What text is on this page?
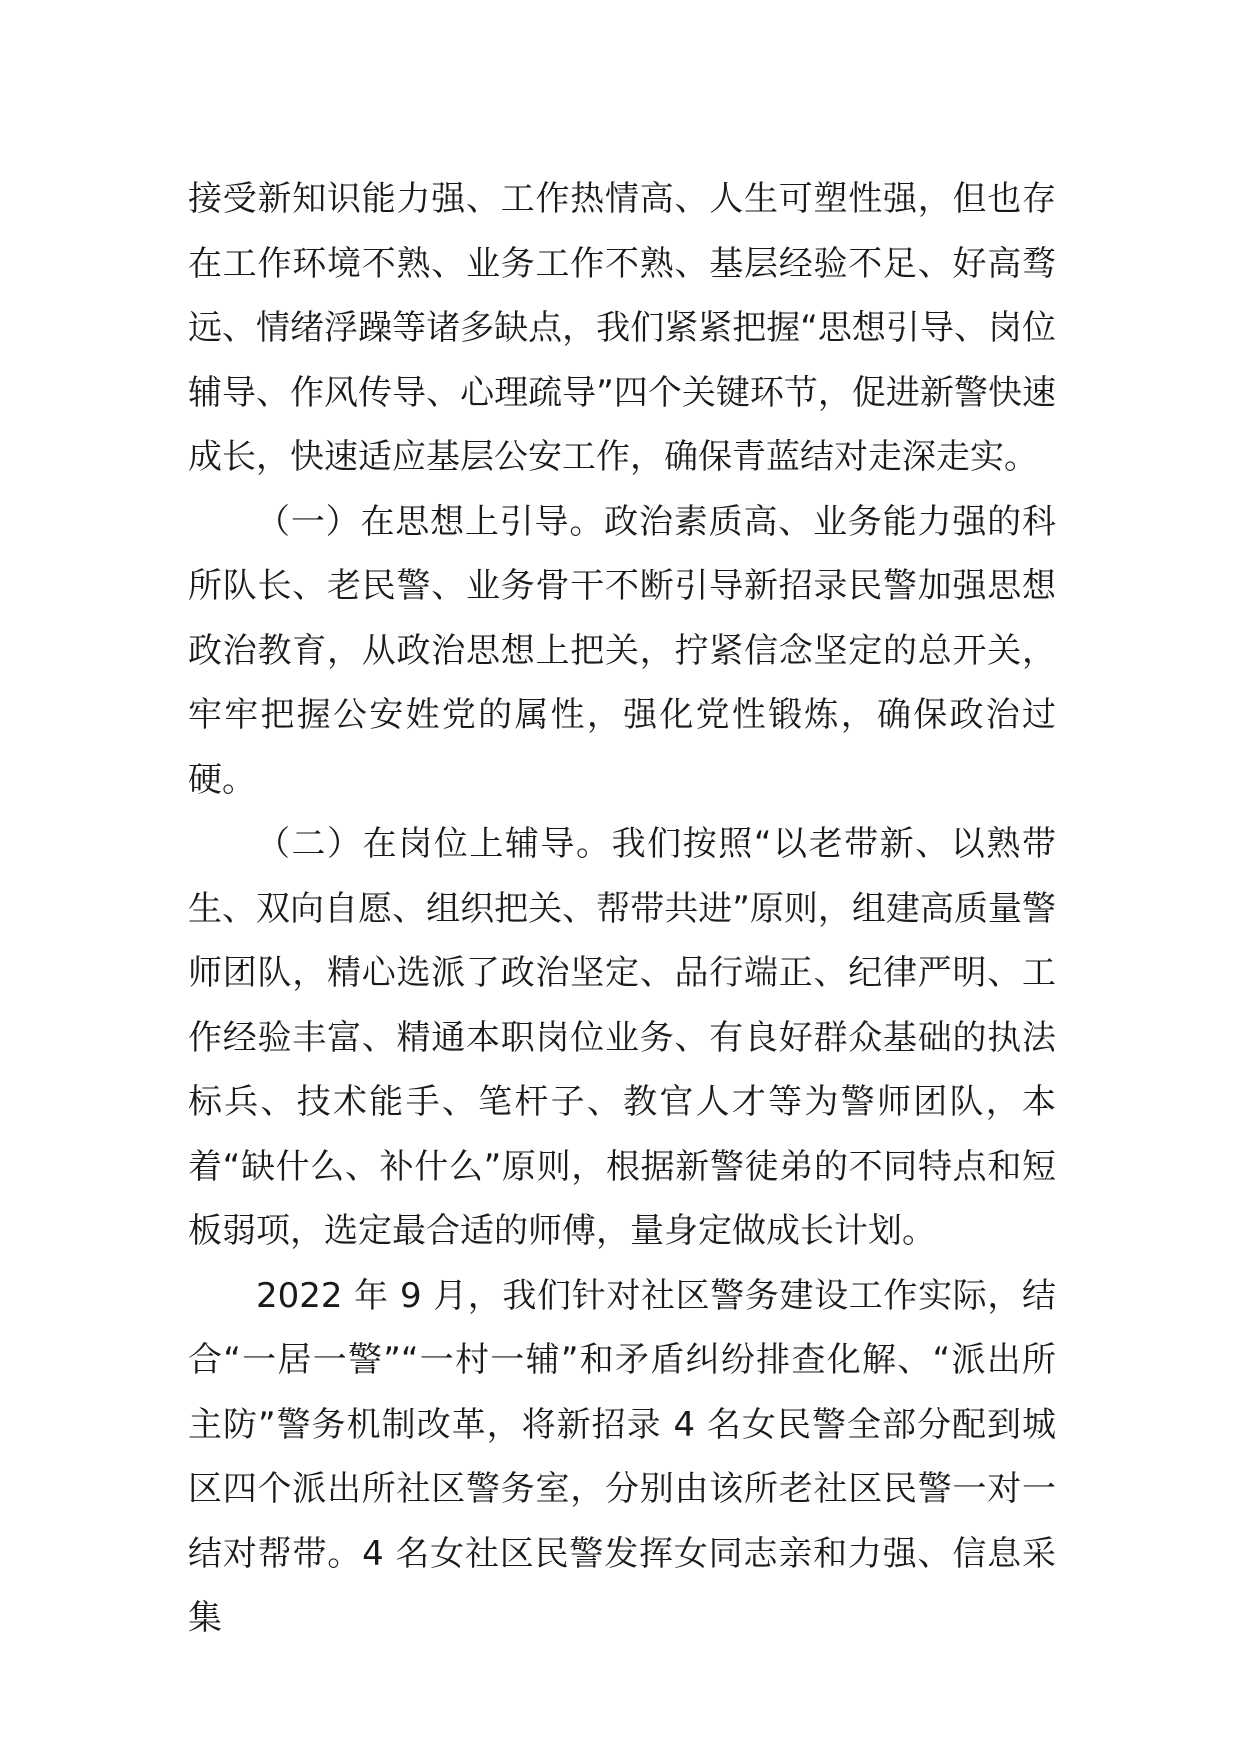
接受新知识能力强、工作热情高、人生可塑性强，但也存在工作环境不熟、业务工作不熟、基层经验不足、好高骛远、情绪浮躁等诸多缺点，我们紧紧把握“思想引导、岗位辅导、作风传导、心理疏导”四个关键环节，促进新警快速成长，快速适应基层公安工作，确保青蓝结对走深走实。

（一）在思想上引导。政治素质高、业务能力强的科所队长、老民警、业务骨干不断引导新招录民警加强思想政治教育，从政治思想上把关，拧紧信念坚定的总开关，牢牢把握公安姓党的属性，强化党性锻炼，确保政治过硬。

（二）在岗位上辅导。我们按照“以老带新、以熟带生、双向自愿、组织把关、帮带共进”原则，组建高质量警师团队，精心选派了政治坚定、品行端正、纪律严明、工作经验丰富、精通本职岗位业务、有良好群众基础的执法标兵、技术能手、笔杆子、教官人才等为警师团队，本着“缺什么、补什么”原则，根据新警徒弟的不同特点和短板弱项，选定最合适的师傅，量身定做成长计划。

2022 年 9 月，我们针对社区警务建设工作实际，结合“一居一警”“一村一辅”和矛盾纠纷排查化解、“派出所主防”警务机制改革，将新招录 4 名女民警全部分配到城区四个派出所社区警务室，分别由该所老社区民警一对一结对帮带。4 名女社区民警发挥女同志亲和力强、信息采集
